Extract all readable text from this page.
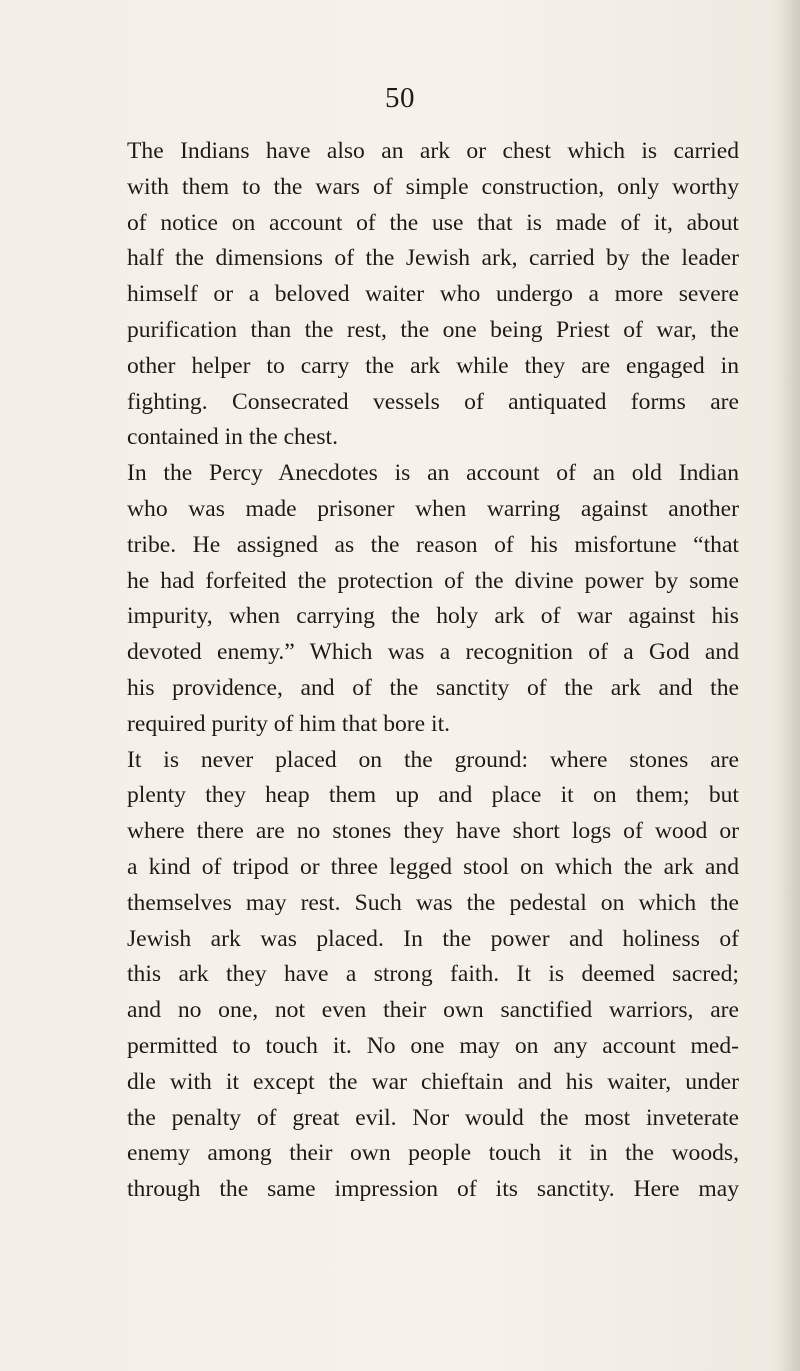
50
The Indians have also an ark or chest which is carried
with them to the wars of simple construction, only worthy
of notice on account of the use that is made of it, about
half the dimensions of the Jewish ark, carried by the leader
himself or a beloved waiter who undergo a more severe
purification than the rest, the one being Priest of war, the
other helper to carry the ark while they are engaged in
fighting. Consecrated vessels of antiquated forms are
contained in the chest.
In the Percy Anecdotes is an account of an old Indian
who was made prisoner when warring against another
tribe. He assigned as the reason of his misfortune “that
he had forfeited the protection of the divine power by some
impurity, when carrying the holy ark of war against his
devoted enemy.” Which was a recognition of a God and
his providence, and of the sanctity of the ark and the
required purity of him that bore it.
It is never placed on the ground: where stones are
plenty they heap them up and place it on them; but
where there are no stones they have short logs of wood or
a kind of tripod or three legged stool on which the ark and
themselves may rest. Such was the pedestal on which the
Jewish ark was placed. In the power and holiness of
this ark they have a strong faith. It is deemed sacred;
and no one, not even their own sanctified warriors, are
permitted to touch it. No one may on any account med-
dle with it except the war chieftain and his waiter, under
the penalty of great evil. Nor would the most inveterate
enemy among their own people touch it in the woods,
through the same impression of its sanctity. Here may
